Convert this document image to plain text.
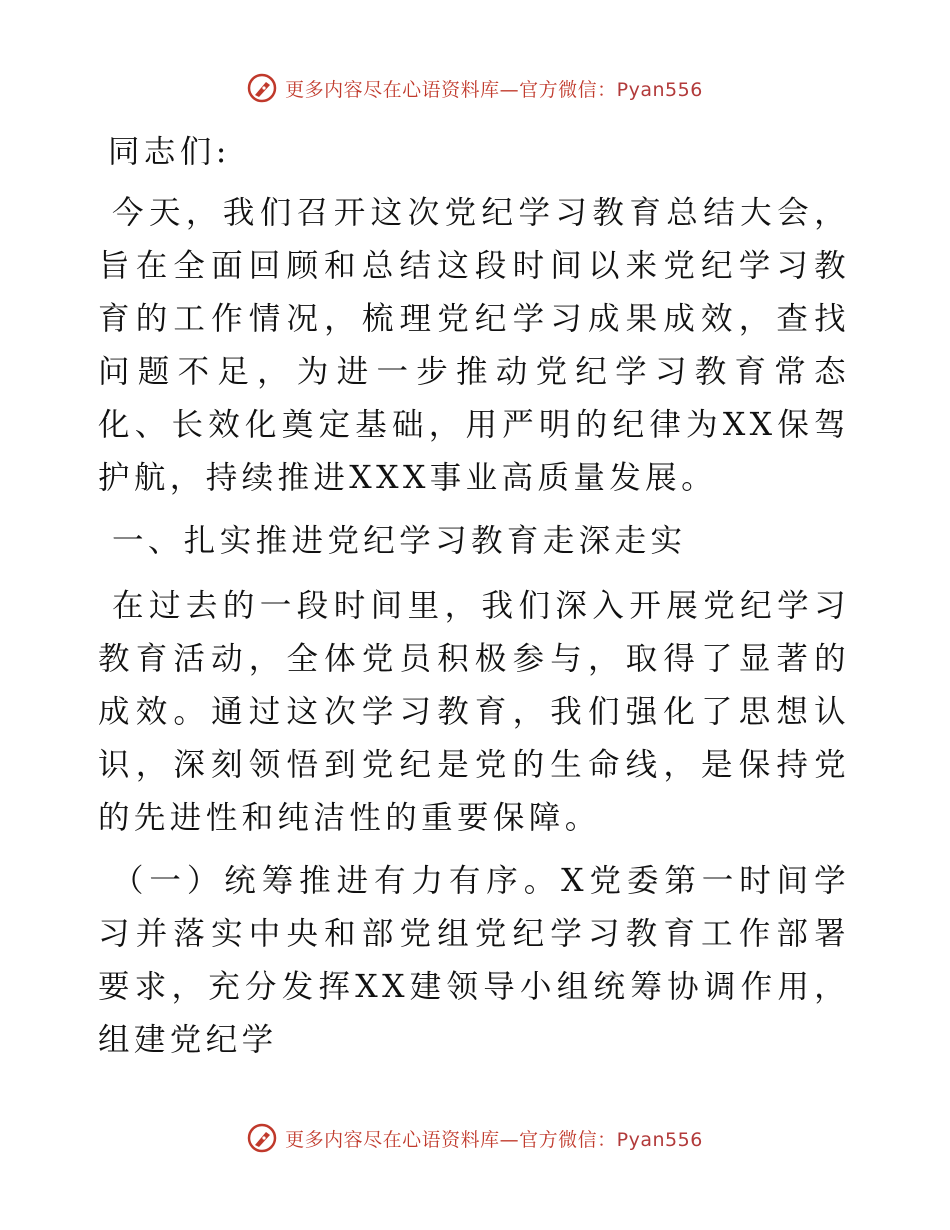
更多内容尽在心语资料库—官方微信：Pyan556

同志们:

今天，我们召开这次党纪学习教育总结大会，旨在全面回顾和总结这段时间以来党纪学习教育的工作情况，梳理党纪学习成果成效，查找问题不足，为进一步推动党纪学习教育常态化、长效化奠定基础，用严明的纪律为XX保驾护航，持续推进XXX事业高质量发展。

一、扎实推进党纪学习教育走深走实

在过去的一段时间里，我们深入开展党纪学习教育活动，全体党员积极参与，取得了显著的成效。通过这次学习教育，我们强化了思想认识，深刻领悟到党纪是党的生命线，是保持党的先进性和纯洁性的重要保障。

（一）统筹推进有力有序。X党委第一时间学习并落实中央和部党组党纪学习教育工作部署要求，充分发挥XX建领导小组统筹协调作用，组建党纪学

更多内容尽在心语资料库—官方微信：Pyan556
